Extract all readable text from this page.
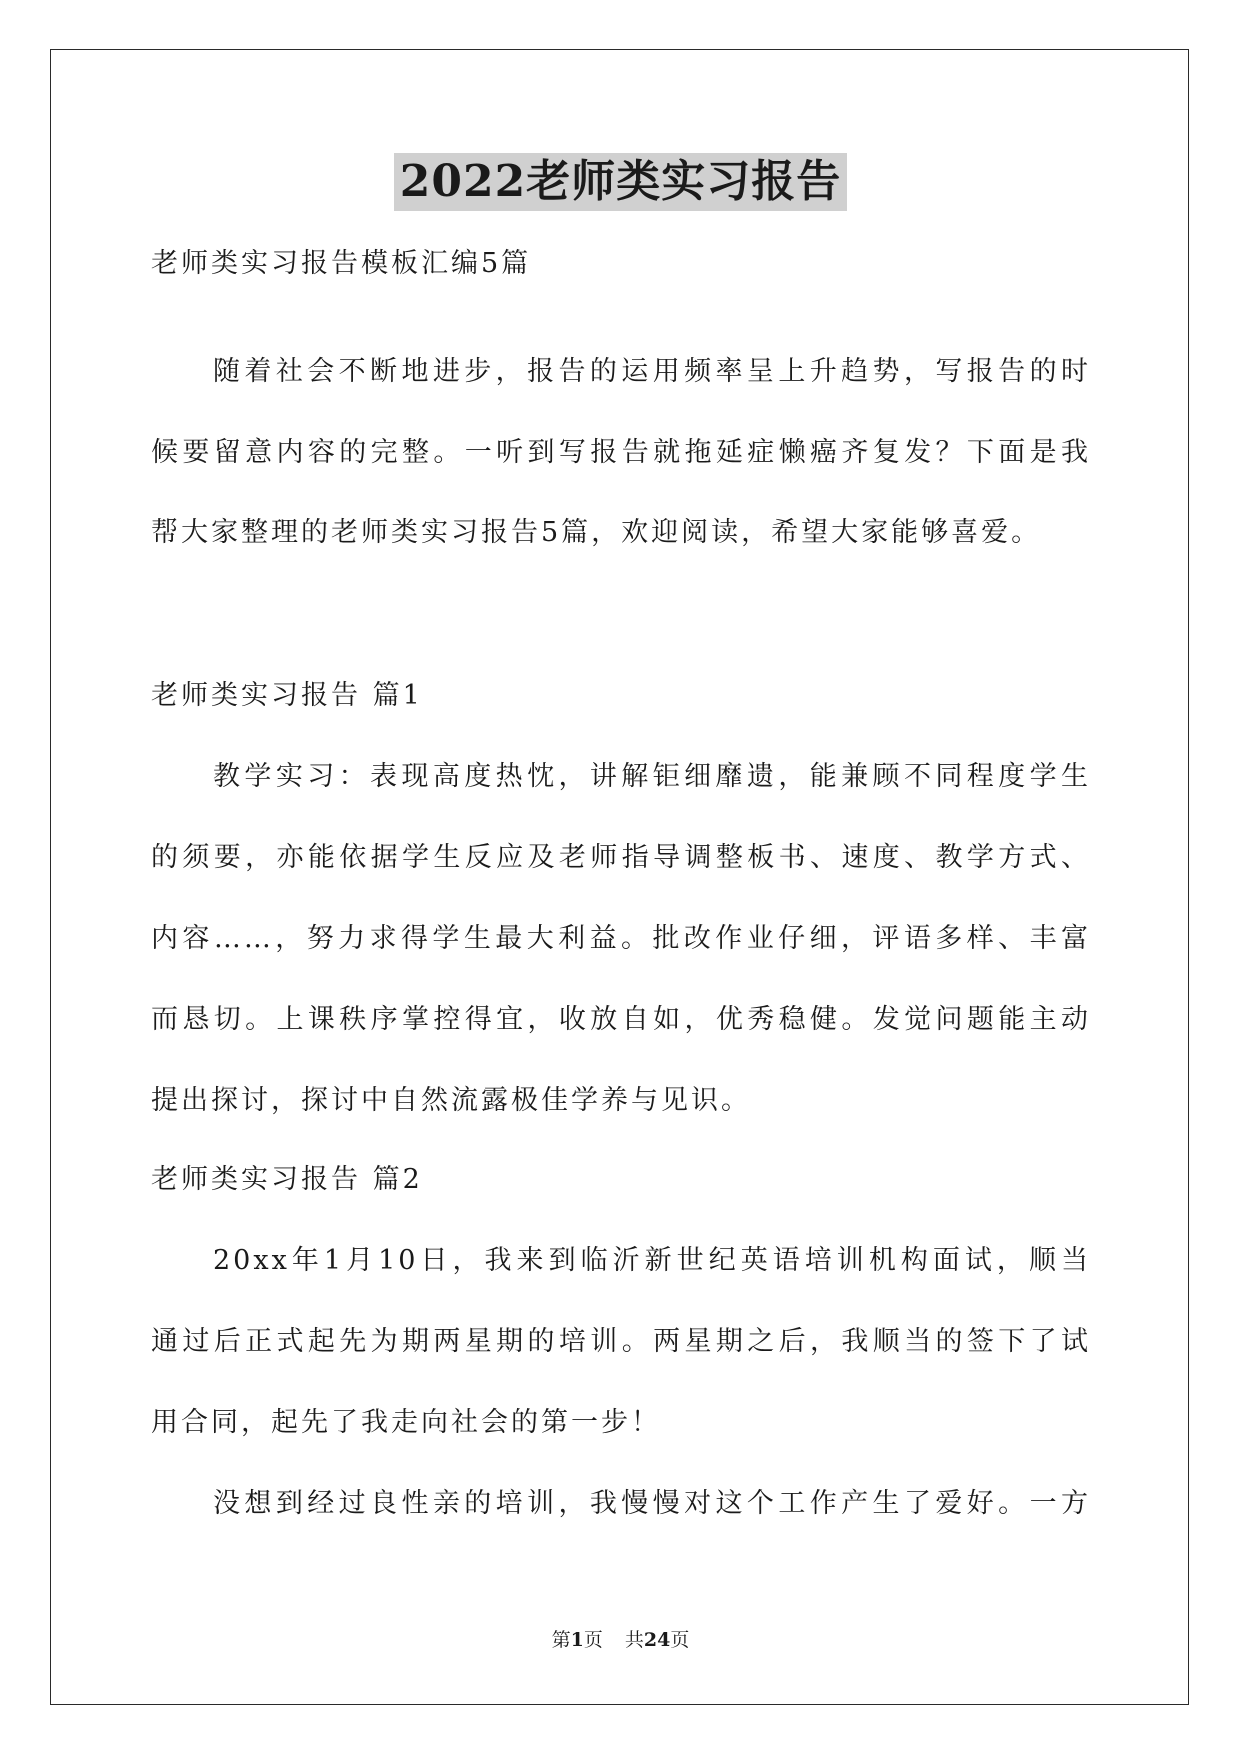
2022老师类实习报告
老师类实习报告模板汇编5篇
随着社会不断地进步，报告的运用频率呈上升趋势，写报告的时
候要留意内容的完整。一听到写报告就拖延症懒癌齐复发？下面是我
帮大家整理的老师类实习报告5篇，欢迎阅读，希望大家能够喜爱。
老师类实习报告 篇1
教学实习：表现高度热忱，讲解钜细靡遗，能兼顾不同程度学生
的须要，亦能依据学生反应及老师指导调整板书、速度、教学方式、
内容……，努力求得学生最大利益。批改作业仔细，评语多样、丰富
而恳切。上课秩序掌控得宜，收放自如，优秀稳健。发觉问题能主动
提出探讨，探讨中自然流露极佳学养与见识。
老师类实习报告 篇2
20xx年1月10日，我来到临沂新世纪英语培训机构面试，顺当
通过后正式起先为期两星期的培训。两星期之后，我顺当的签下了试
用合同，起先了我走向社会的第一步！
没想到经过良性亲的培训，我慢慢对这个工作产生了爱好。一方
第1页 共24页
